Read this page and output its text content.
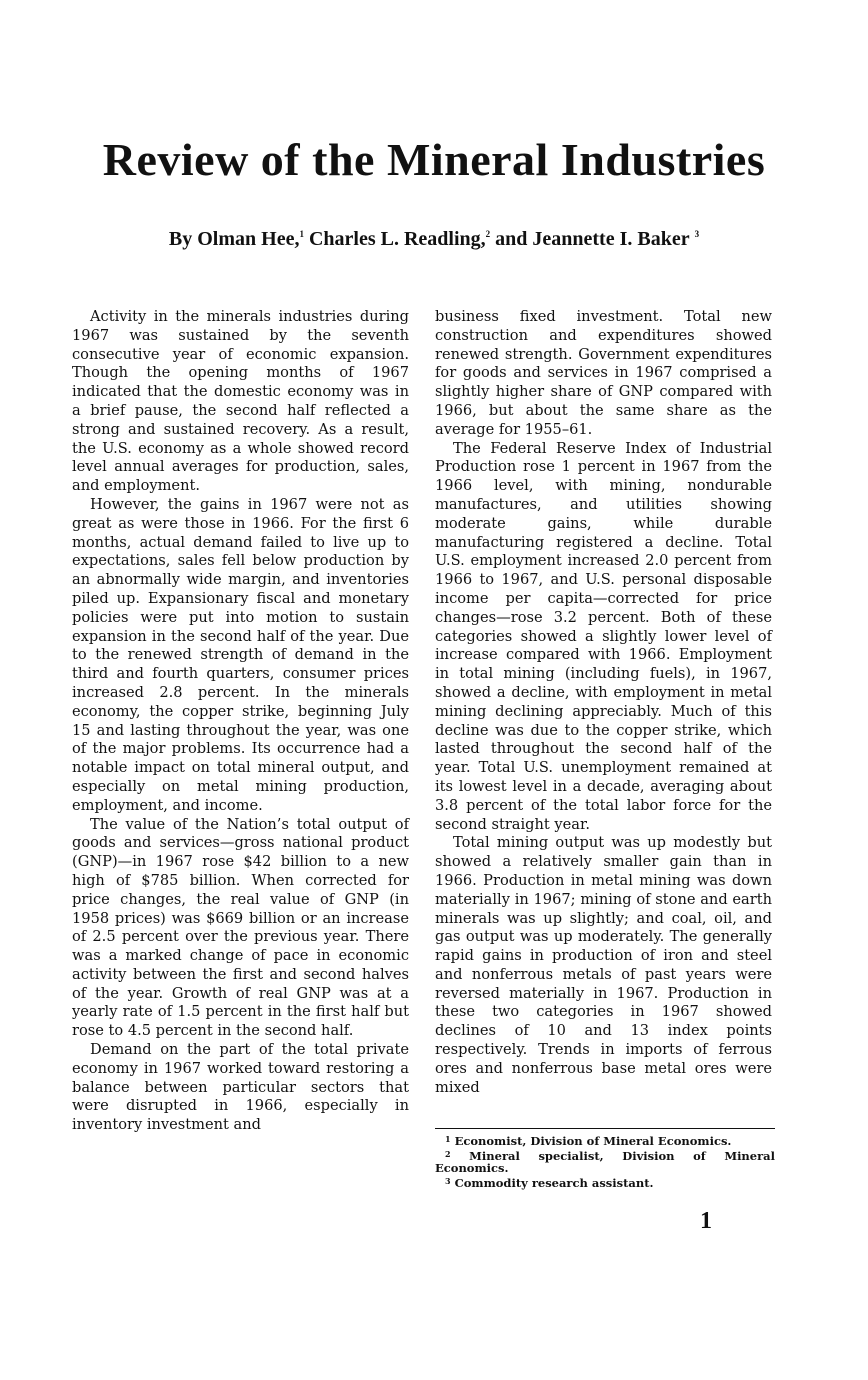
Review of the Mineral Industries
By Olman Hee,$^1$ Charles L. Readling,$^2$ and Jeannette I. Baker $^3$

Activity in the minerals industries during 1967 was sustained by the seventh consecutive year of economic expansion. Though the opening months of 1967 indicated that the domestic economy was in a brief pause, the second half reflected a strong and sustained recovery. As a result, the U.S. economy as a whole showed record level annual averages for production, sales, and employment.

However, the gains in 1967 were not as great as were those in 1966. For the first 6 months, actual demand failed to live up to expectations, sales fell below production by an abnormally wide margin, and inventories piled up. Expansionary fiscal and monetary policies were put into motion to sustain expansion in the second half of the year. Due to the renewed strength of demand in the third and fourth quarters, consumer prices increased 2.8 percent. In the minerals economy, the copper strike, beginning July 15 and lasting throughout the year, was one of the major problems. Its occurrence had a notable impact on total mineral output, and especially on metal mining production, employment, and income.

The value of the Nation’s total output of goods and services—gross national product (GNP)—in 1967 rose $42 billion to a new high of $785 billion. When corrected for price changes, the real value of GNP (in 1958 prices) was $669 billion or an increase of 2.5 percent over the previous year. There was a marked change of pace in economic activity between the first and second halves of the year. Growth of real GNP was at a yearly rate of 1.5 percent in the first half but rose to 4.5 percent in the second half.

Demand on the part of the total private economy in 1967 worked toward restoring a balance between particular sectors that were disrupted in 1966, especially in inventory investment and

business fixed investment. Total new construction and expenditures showed renewed strength. Government expenditures for goods and services in 1967 comprised a slightly higher share of GNP compared with 1966, but about the same share as the average for 1955–61.

The Federal Reserve Index of Industrial Production rose 1 percent in 1967 from the 1966 level, with mining, nondurable manufactures, and utilities showing moderate gains, while durable manufacturing registered a decline. Total U.S. employment increased 2.0 percent from 1966 to 1967, and U.S. personal disposable income per capita—corrected for price changes—rose 3.2 percent. Both of these categories showed a slightly lower level of increase compared with 1966. Employment in total mining (including fuels), in 1967, showed a decline, with employment in metal mining declining appreciably. Much of this decline was due to the copper strike, which lasted throughout the second half of the year. Total U.S. unemployment remained at its lowest level in a decade, averaging about 3.8 percent of the total labor force for the second straight year.

Total mining output was up modestly but showed a relatively smaller gain than in 1966. Production in metal mining was down materially in 1967; mining of stone and earth minerals was up slightly; and coal, oil, and gas output was up moderately. The generally rapid gains in production of iron and steel and nonferrous metals of past years were reversed materially in 1967. Production in these two categories in 1967 showed declines of 10 and 13 index points respectively. Trends in imports of ferrous ores and nonferrous base metal ores were mixed

$^1$ Economist, Division of Mineral Economics.

$^2$ Mineral specialist, Division of Mineral Economics.

$^3$ Commodity research assistant.

1
